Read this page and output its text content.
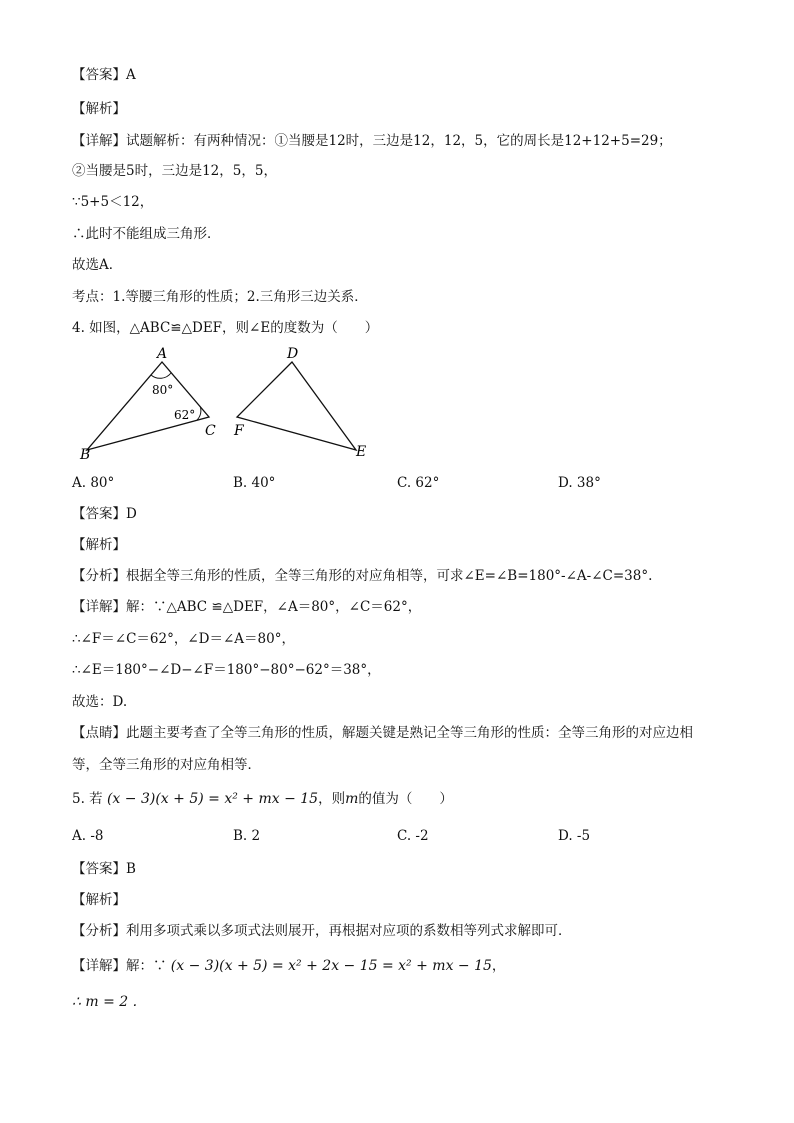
【答案】A
【解析】
【详解】试题解析：有两种情况：①当腰是12时，三边是12，12，5，它的周长是12+12+5=29；
②当腰是5时，三边是12，5，5，
∵5+5＜12，
∴此时不能组成三角形．
故选A．
考点：1.等腰三角形的性质；2.三角形三边关系．
4. 如图，△ABC≌△DEF，则∠E的度数为（　　）
A
80°
62°
C
B
D
F
E
A. 80°	B. 40°	C. 62°	D. 38°
【答案】D
【解析】
【分析】根据全等三角形的性质，全等三角形的对应角相等，可求∠E=∠B=180°-∠A-∠C=38°.
【详解】解：∵△ABC ≌△DEF，∠A＝80°，∠C＝62°，
∴∠F＝∠C＝62°，∠D＝∠A＝80°，
∴∠E＝180°−∠D−∠F＝180°−80°−62°＝38°，
故选：D.
【点睛】此题主要考查了全等三角形的性质，解题关键是熟记全等三角形的性质：全等三角形的对应边相
等，全等三角形的对应角相等．
5. 若 (x − 3)(x + 5) = x² + mx − 15，则m的值为（　　）
A. -8	B. 2	C. -2	D. -5
【答案】B
【解析】
【分析】利用多项式乘以多项式法则展开，再根据对应项的系数相等列式求解即可．
【详解】解：∵ (x − 3)(x + 5) = x² + 2x − 15 = x² + mx − 15，
∴ m = 2 .
